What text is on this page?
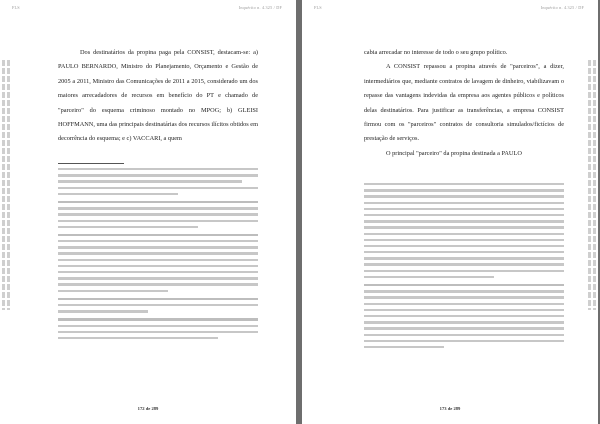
FLS	Inquérito n. 4.325 / DF

Dos destinatários da propina paga pela CONSIST, destacam-se: a) PAULO BERNARDO, Ministro do Planejamento, Orçamento e Gestão de 2005 a 2011, Ministro das Comunicações de 2011 a 2015, considerado um dos maiores arrecadadores de recursos em benefício do PT e chamado de "parceiro" do esquema criminoso montado no MPOG; b) GLEISI HOFFMANN, uma das principais destinatárias dos recursos ilícitos obtidos em decorrência do esquema; e c) VACCARI, a quem

172 de 289
FLS	Inquérito n. 4.325 / DF

cabia arrecadar no interesse de todo o seu grupo político.

A CONSIST repassou a propina através de "parceiros", a dizer, intermediários que, mediante contratos de lavagem de dinheiro, viabilizavam o repasse das vantagens indevidas da empresa aos agentes públicos e políticos delas destinatários. Para justificar as transferências, a empresa CONSIST firmou com os "parceiros" contratos de consultoria simulados/fictícios de prestação de serviços.

O principal "parceiro" da propina destinada a PAULO

173 de 289
